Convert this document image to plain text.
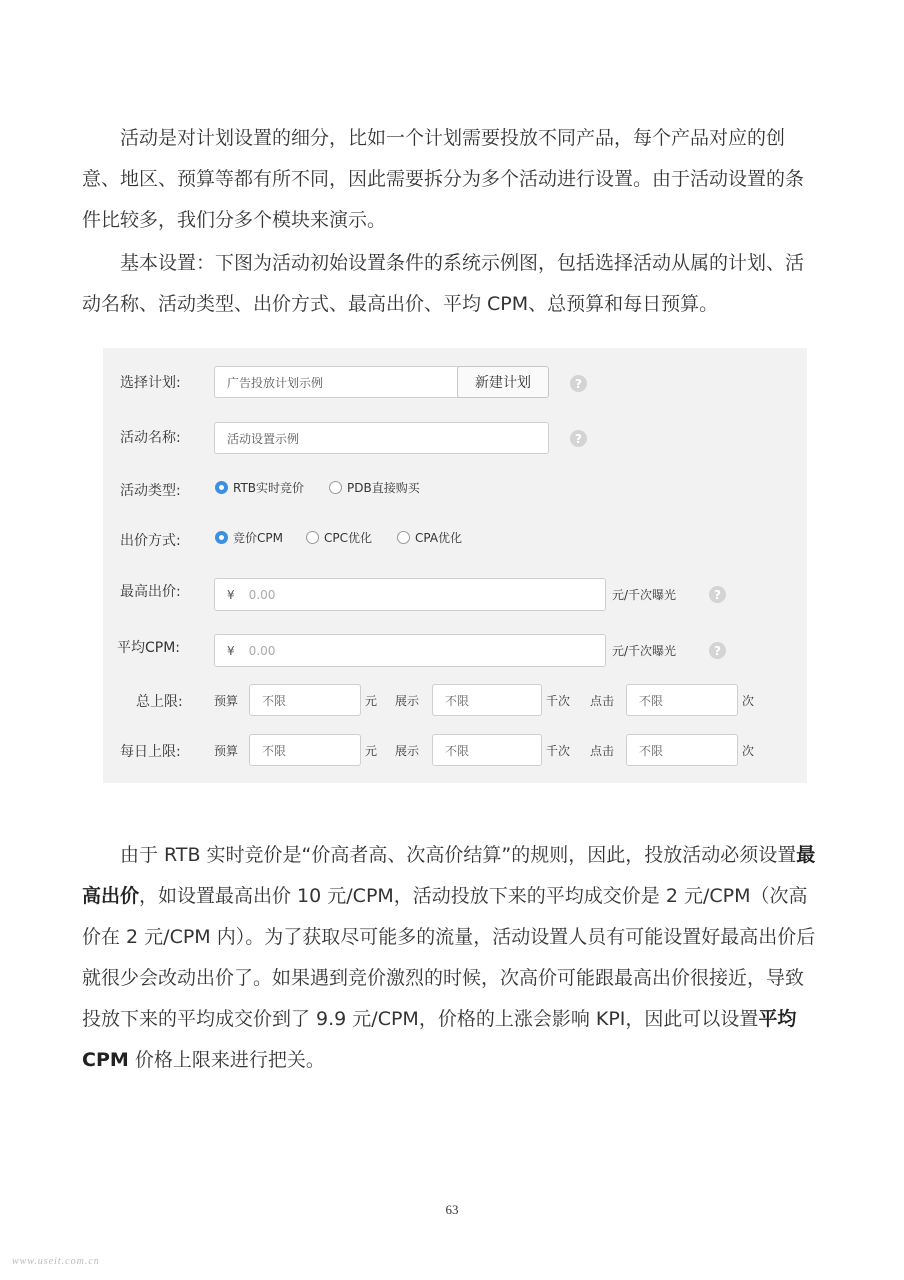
　　活动是对计划设置的细分，比如一个计划需要投放不同产品，每个产品对应的创意、地区、预算等都有所不同，因此需要拆分为多个活动进行设置。由于活动设置的条件比较多，我们分多个模块来演示。

　　基本设置：下图为活动初始设置条件的系统示例图，包括选择活动从属的计划、活动名称、活动类型、出价方式、最高出价、平均 CPM、总预算和每日预算。

选择计划:	广告投放计划示例	新建计划	?
活动名称:	活动设置示例	?
活动类型:	RTB实时竞价	PDB直接购买
出价方式:	竞价CPM	CPC优化	CPA优化
最高出价:	¥ 0.00	元/千次曝光	?
平均CPM:	¥ 0.00	元/千次曝光	?
总上限:	预算 不限	元 展示 不限	千次 点击 不限	次
每日上限:	预算 不限	元 展示 不限	千次 点击 不限	次

　　由于 RTB 实时竞价是“价高者高、次高价结算”的规则，因此，投放活动必须设置最高出价，如设置最高出价 10 元/CPM，活动投放下来的平均成交价是 2 元/CPM（次高价在 2 元/CPM 内）。为了获取尽可能多的流量，活动设置人员有可能设置好最高出价后就很少会改动出价了。如果遇到竞价激烈的时候，次高价可能跟最高出价很接近，导致投放下来的平均成交价到了 9.9 元/CPM，价格的上涨会影响 KPI，因此可以设置平均 CPM 价格上限来进行把关。

63
www.useit.com.cn
